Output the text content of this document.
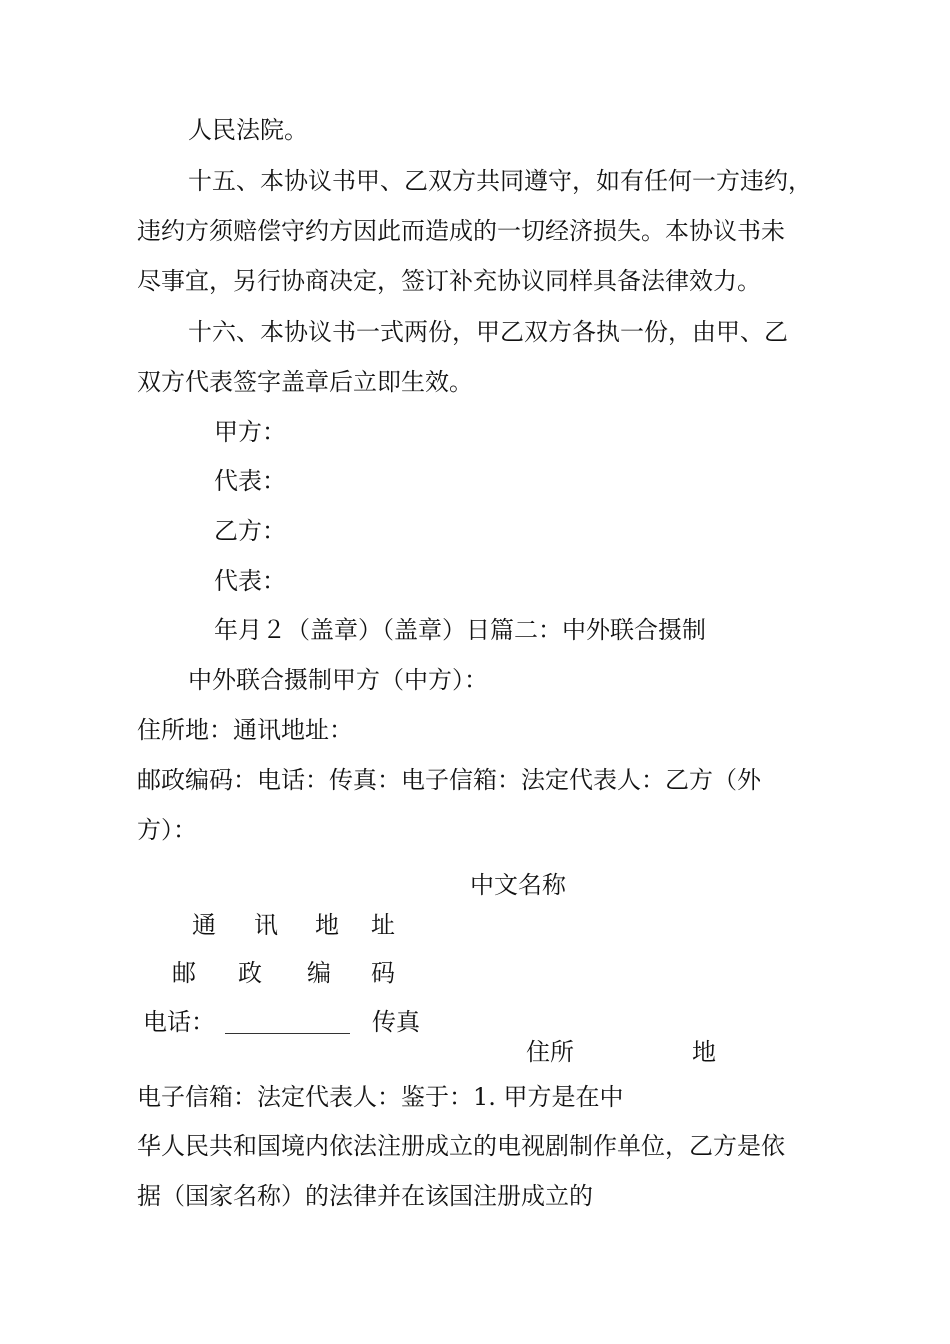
人民法院。
十五、本协议书甲、乙双方共同遵守，如有任何一方违约，
违约方须赔偿守约方因此而造成的一切经济损失。本协议书未
尽事宜，另行协商决定，签订补充协议同样具备法律效力。
十六、本协议书一式两份，甲乙双方各执一份，由甲、乙
双方代表签字盖章后立即生效。
甲方：
代表：
乙方：
代表：
年月２（盖章）（盖章）日篇二：中外联合摄制
中外联合摄制甲方（中方）：
住所地：通讯地址：
邮政编码：电话：传真：电子信箱：法定代表人：乙方（外
方）：
中文名称
通 讯 地 址
邮 政 编 码
电话：	传真
住所	地
电子信箱：法定代表人：鉴于：1. 甲方是在中
华人民共和国境内依法注册成立的电视剧制作单位，乙方是依
据（国家名称）的法律并在该国注册成立的
